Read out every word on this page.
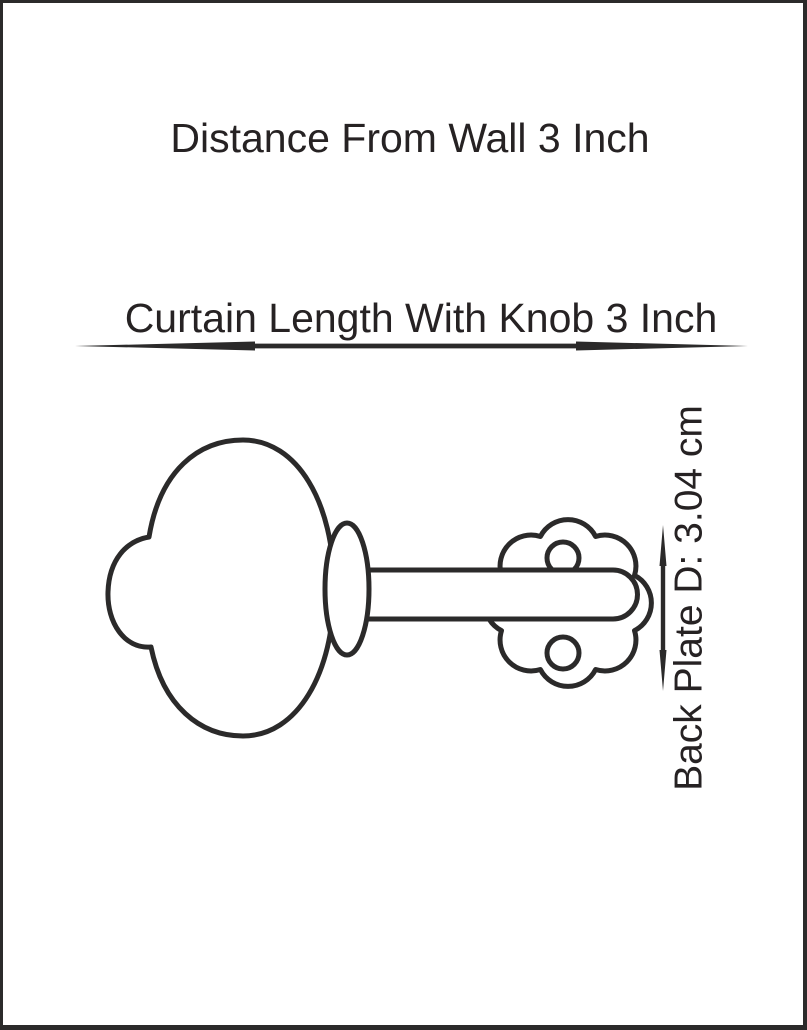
Distance From Wall 3 Inch
Curtain Length With Knob 3 Inch
Back Plate D: 3.04 cm
